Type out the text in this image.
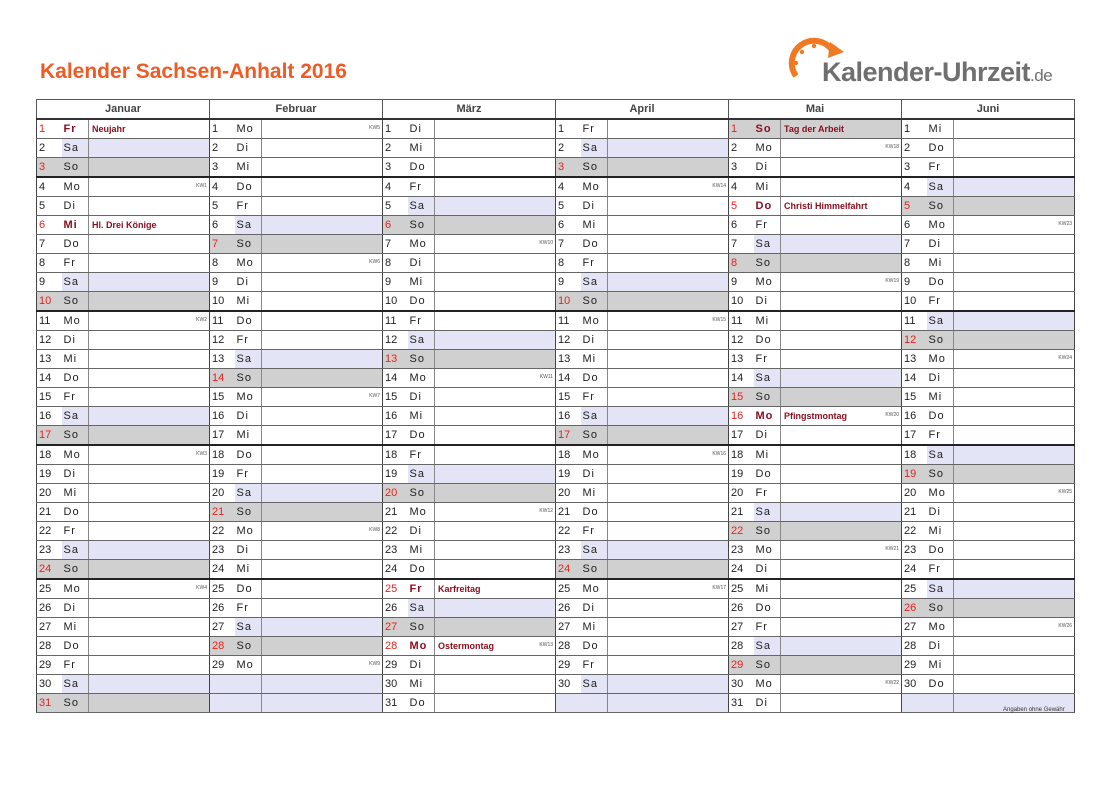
Kalender Sachsen-Anhalt 2016	Kalender-Uhrzeit.de
Januar			Februar			März			April			Mai			Juni		
1	Fr	Neujahr	1	Mo	KW5	1	Di		1	Fr		1	So	Tag der Arbeit	1	Mi	
2	Sa		2	Di		2	Mi		2	Sa		2	Mo	KW18	2	Do	
3	So		3	Mi		3	Do		3	So		3	Di		3	Fr	
4	Mo	KW1	4	Do		4	Fr		4	Mo	KW14	4	Mi		4	Sa	
5	Di		5	Fr		5	Sa		5	Di		5	Do	Christi Himmelfahrt	5	So	
6	Mi	Hl. Drei Könige	6	Sa		6	So		6	Mi		6	Fr		6	Mo	KW23

7	Do		7	So		7	Mo	KW10	7	Do		7	Sa		7	Di	
8	Fr		8	Mo	KW6	8	Di		8	Fr		8	So		8	Mi	
9	Sa		9	Di		9	Mi		9	Sa		9	Mo	KW19	9	Do	
10	So		10	Mi		10	Do		10	So		10	Di		10	Fr	
11	Mo	KW2	11	Do		11	Fr		11	Mo	KW15	11	Mi		11	Sa	
12	Di		12	Fr		12	Sa		12	Di		12	Do		12	So	
13	Mi		13	Sa		13	So		13	Mi		13	Fr		13	Mo	KW24

14	Do		14	So		14	Mo	KW11	14	Do		14	Sa		14	Di	
15	Fr		15	Mo	KW7	15	Di		15	Fr		15	So		15	Mi	
16	Sa		16	Di		16	Mi		16	Sa		16	Mo	Pfingstmontag KW20	16	Do	
17	So		17	Mi		17	Do		17	So		17	Di		17	Fr	
18	Mo	KW3	18	Do		18	Fr		18	Mo	KW16	18	Mi		18	Sa	
19	Di		19	Fr		19	Sa		19	Di		19	Do		19	So	
20	Mi		20	Sa		20	So		20	Mi		20	Fr		20	Mo	KW25

21	Do		21	So		21	Mo	KW12	21	Do		21	Sa		21	Di	
22	Fr		22	Mo	KW8	22	Di		22	Fr		22	So		22	Mi	
23	Sa		23	Di		23	Mi		23	Sa		23	Mo	KW21	23	Do	
24	So		24	Mi		24	Do		24	So		24	Di		24	Fr	
25	Mo	KW4	25	Do		25	Fr	Karfreitag	25	Mo	KW17	25	Mi		25	Sa	
26	Di		26	Fr		26	Sa		26	Di		26	Do		26	So	
27	Mi		27	Sa		27	So		27	Mi		27	Fr		27	Mo	KW26

28	Do		28	So		28	Mo	Ostermontag KW13	28	Do		28	Sa		28	Di	
29	Fr		29	Mo	KW9	29	Di		29	Fr		29	So		29	Mi	
30	Sa					30	Mi		30	Sa		30	Mo	KW22	30	Do	
31	So					31	Do					31	Di				
Angaben ohne Gewähr
